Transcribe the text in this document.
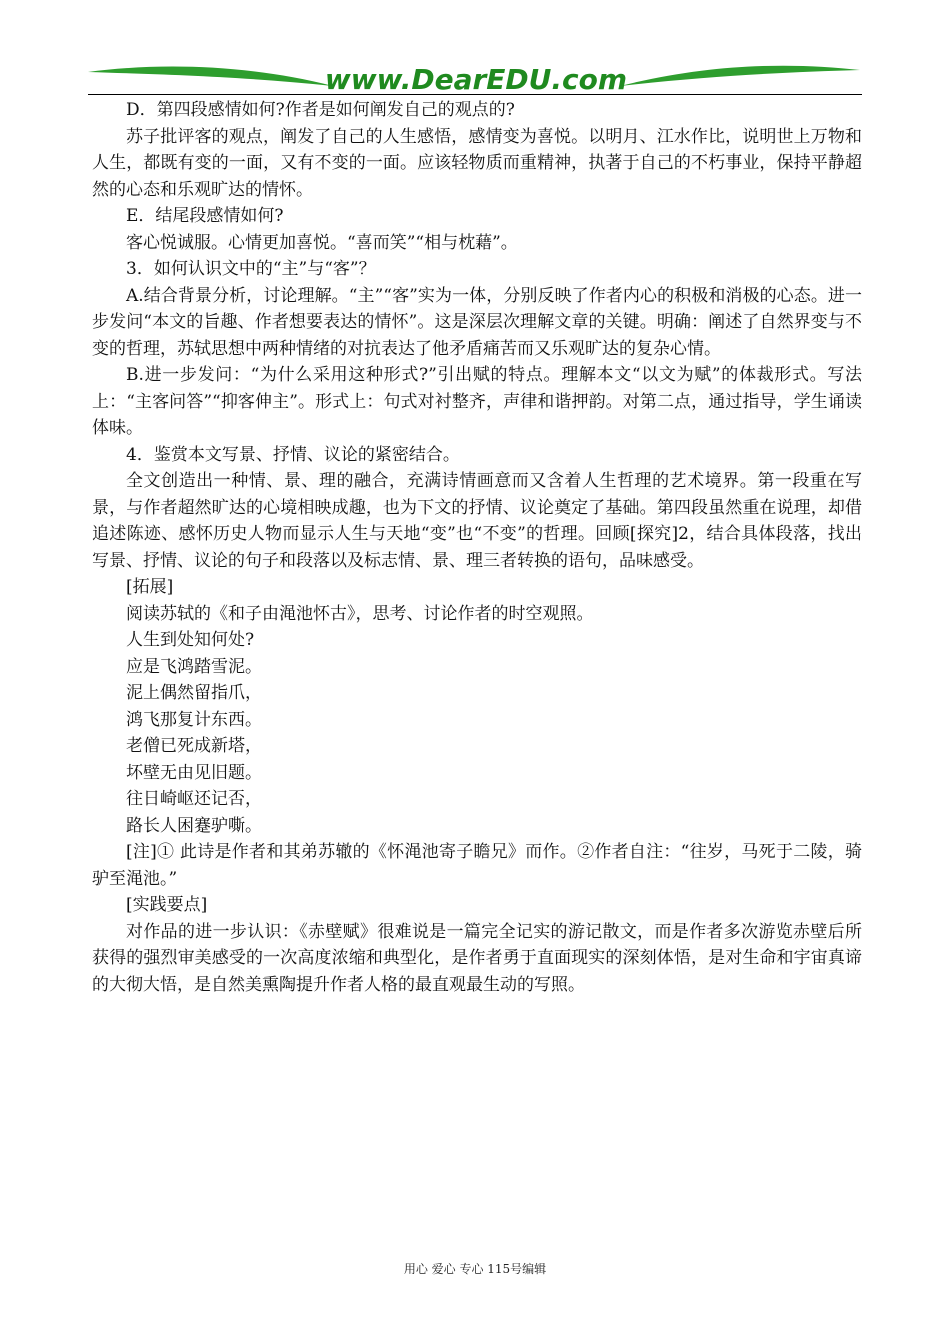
www.DearEDU.com

D．第四段感情如何?作者是如何阐发自己的观点的?

苏子批评客的观点，阐发了自己的人生感悟，感情变为喜悦。以明月、江水作比，说明世上万物和人生，都既有变的一面，又有不变的一面。应该轻物质而重精神，执著于自己的不朽事业，保持平静超然的心态和乐观旷达的情怀。

E．结尾段感情如何?

客心悦诚服。心情更加喜悦。“喜而笑”“相与枕藉”。

3．如何认识文中的“主”与“客”？

A.结合背景分析，讨论理解。“主”“客”实为一体，分别反映了作者内心的积极和消极的心态。进一步发问“本文的旨趣、作者想要表达的情怀”。这是深层次理解文章的关键。明确：阐述了自然界变与不变的哲理，苏轼思想中两种情绪的对抗表达了他矛盾痛苦而又乐观旷达的复杂心情。

B.进一步发问：“为什么采用这种形式?”引出赋的特点。理解本文“以文为赋”的体裁形式。写法上：“主客问答”“抑客伸主”。形式上：句式对衬整齐，声律和谐押韵。对第二点，通过指导，学生诵读体味。

4．鉴赏本文写景、抒情、议论的紧密结合。

全文创造出一种情、景、理的融合，充满诗情画意而又含着人生哲理的艺术境界。第一段重在写景，与作者超然旷达的心境相映成趣，也为下文的抒情、议论奠定了基础。第四段虽然重在说理，却借追述陈迹、感怀历史人物而显示人生与天地“变”也“不变”的哲理。回顾[探究]2，结合具体段落，找出写景、抒情、议论的句子和段落以及标志情、景、理三者转换的语句，品味感受。

[拓展]

阅读苏轼的《和子由渑池怀古》，思考、讨论作者的时空观照。

人生到处知何处?

应是飞鸿踏雪泥。

泥上偶然留指爪，

鸿飞那复计东西。

老僧已死成新塔，

坏壁无由见旧题。

往日崎岖还记否，

路长人困蹇驴嘶。

[注]① 此诗是作者和其弟苏辙的《怀渑池寄子瞻兄》而作。②作者自注：“往岁，马死于二陵，骑驴至渑池。”

[实践要点]

对作品的进一步认识：《赤壁赋》很难说是一篇完全记实的游记散文，而是作者多次游览赤壁后所获得的强烈审美感受的一次高度浓缩和典型化，是作者勇于直面现实的深刻体悟，是对生命和宇宙真谛的大彻大悟，是自然美熏陶提升作者人格的最直观最生动的写照。

用心 爱心 专心 115号编辑
